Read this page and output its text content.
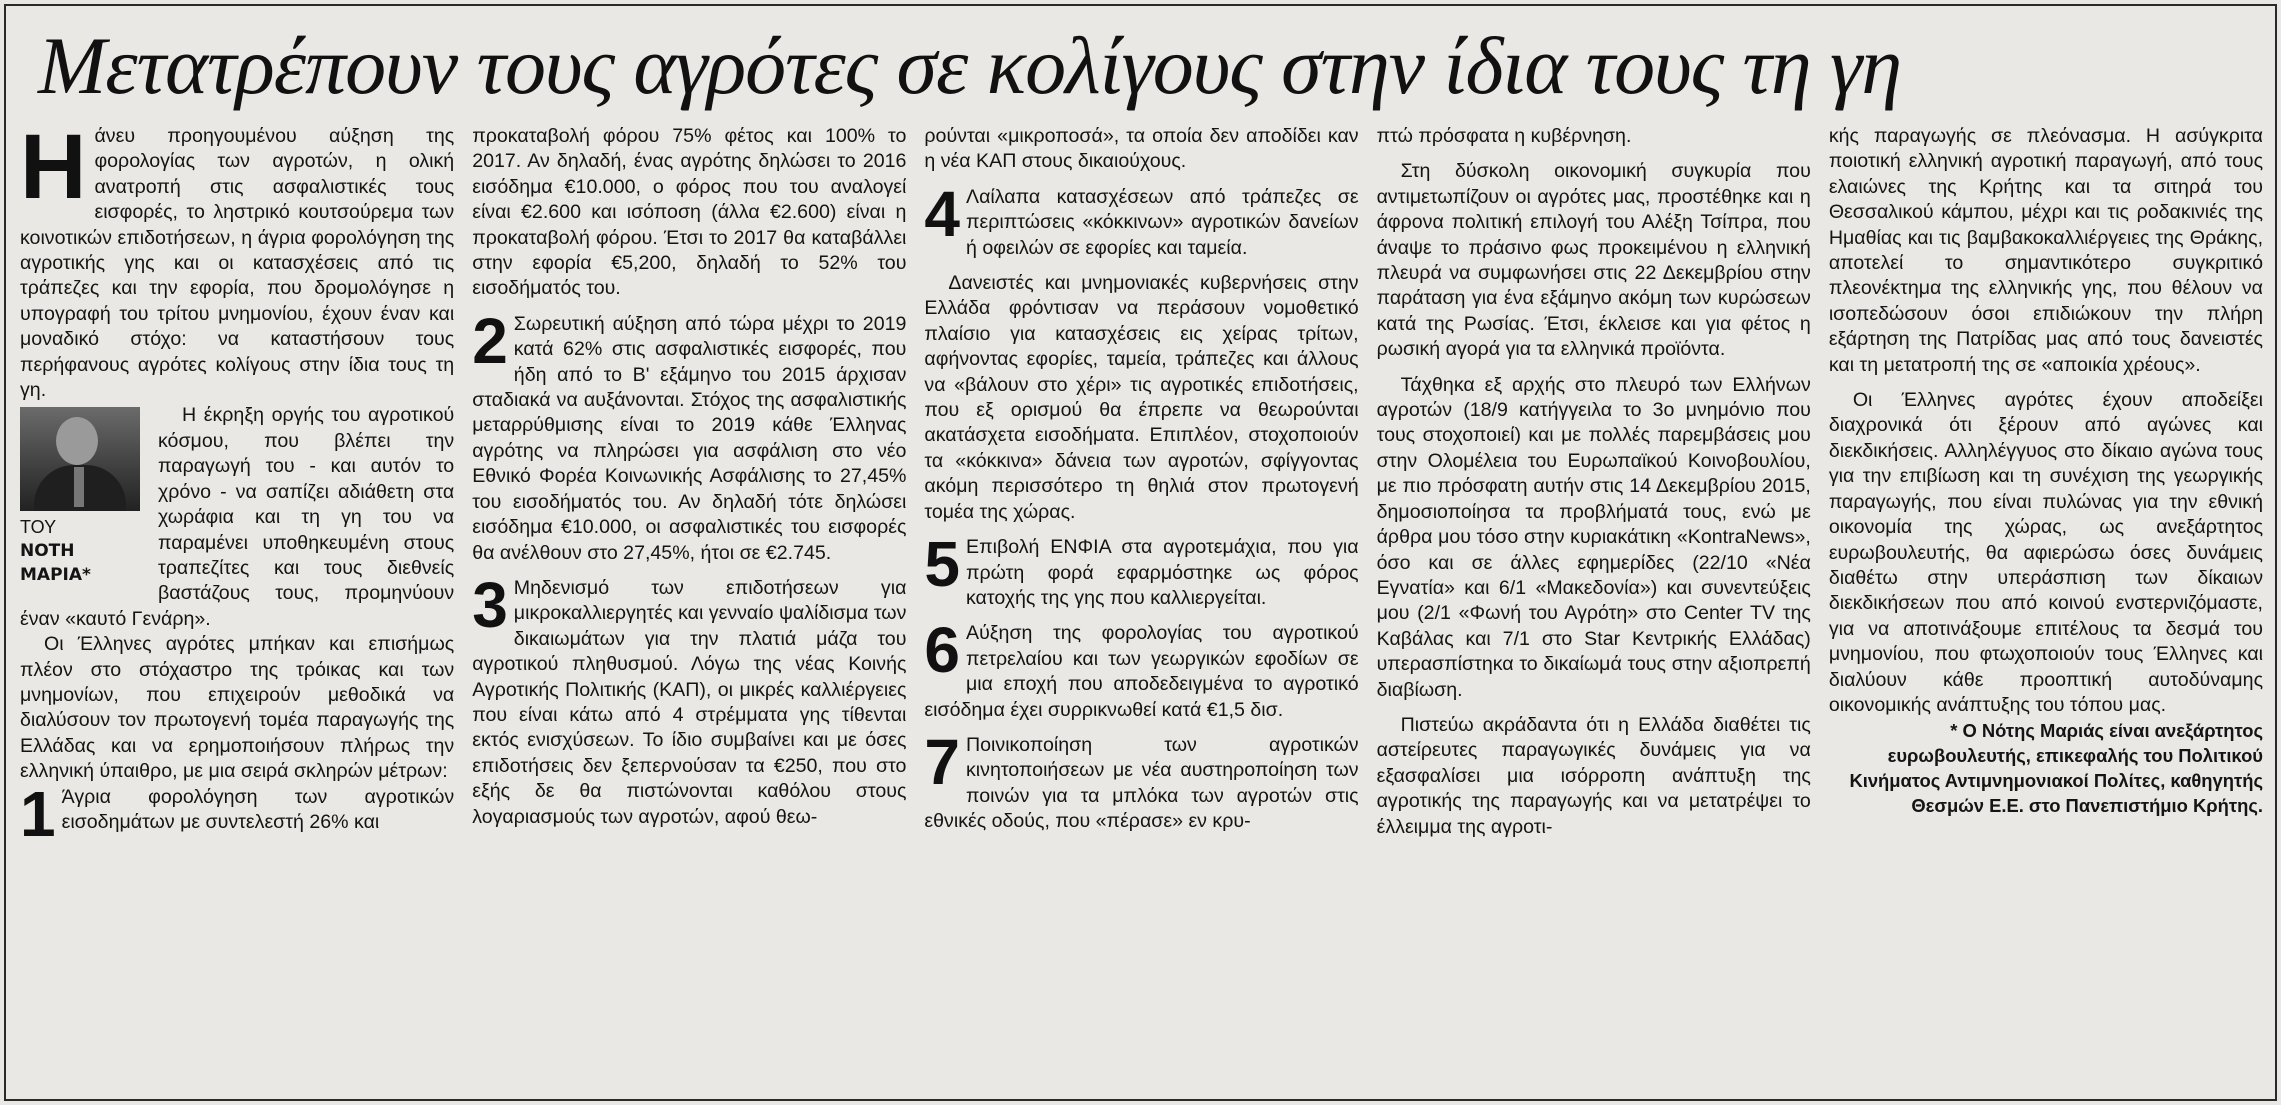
Μετατρέπουν τους αγρότες σε κολίγους στην ίδια τους τη γη

Η άνευ προηγουμένου αύξηση της φορολογίας των αγροτών, η ολική ανατροπή στις ασφαλιστικές τους εισφορές, το ληστρικό κουτσούρεμα των κοινοτικών επιδοτήσεων, η άγρια φορολόγηση της αγροτικής γης και οι κατασχέσεις από τις τράπεζες και την εφορία, που δρομολόγησε η υπογραφή του τρίτου μνημονίου, έχουν έναν και μοναδικό στόχο: να καταστήσουν τους περήφανους αγρότες κολίγους στην ίδια τους τη γη.

ΤΟΥ
ΝΟΤΗ
ΜΑΡΙΑ*

Η έκρηξη οργής του αγροτικού κόσμου, που βλέπει την παραγωγή του - και αυτόν το χρόνο - να σαπίζει αδιάθετη στα χωράφια και τη γη του να παραμένει υποθηκευμένη στους τραπεζίτες και τους διεθνείς βαστάζους τους, προμηνύουν έναν «καυτό Γενάρη».

Οι Έλληνες αγρότες μπήκαν και επισήμως πλέον στο στόχαστρο της τρόικας και των μνημονίων, που επιχειρούν μεθοδικά να διαλύσουν τον πρωτογενή τομέα παραγωγής της Ελλάδας και να ερημοποιήσουν πλήρως την ελληνική ύπαιθρο, με μια σειρά σκληρών μέτρων:

1 Άγρια φορολόγηση των αγροτικών εισοδημάτων με συντελεστή 26% και

προκαταβολή φόρου 75% φέτος και 100% το 2017. Αν δηλαδή, ένας αγρότης δηλώσει το 2016 εισόδημα €10.000, ο φόρος που του αναλογεί είναι €2.600 και ισόποση (άλλα €2.600) είναι η προκαταβολή φόρου. Έτσι το 2017 θα καταβάλλει στην εφορία €5,200, δηλαδή το 52% του εισοδήματός του.

2 Σωρευτική αύξηση από τώρα μέχρι το 2019 κατά 62% στις ασφαλιστικές εισφορές, που ήδη από το Β' εξάμηνο του 2015 άρχισαν σταδιακά να αυξάνονται. Στόχος της ασφαλιστικής μεταρρύθμισης είναι το 2019 κάθε Έλληνας αγρότης να πληρώσει για ασφάλιση στο νέο Εθνικό Φορέα Κοινωνικής Ασφάλισης το 27,45% του εισοδήματός του. Αν δηλαδή τότε δηλώσει εισόδημα €10.000, οι ασφαλιστικές του εισφορές θα ανέλθουν στο 27,45%, ήτοι σε €2.745.

3 Μηδενισμό των επιδοτήσεων για μικροκαλλιεργητές και γενναίο ψαλίδισμα των δικαιωμάτων για την πλατιά μάζα του αγροτικού πληθυσμού. Λόγω της νέας Κοινής Αγροτικής Πολιτικής (ΚΑΠ), οι μικρές καλλιέργειες που είναι κάτω από 4 στρέμματα γης τίθενται εκτός ενισχύσεων. Το ίδιο συμβαίνει και με όσες επιδοτήσεις δεν ξεπερνούσαν τα €250, που στο εξής δε θα πιστώνονται καθόλου στους λογαριασμούς των αγροτών, αφού θεω-

ρούνται «μικροποσά», τα οποία δεν αποδίδει καν η νέα ΚΑΠ στους δικαιούχους.

4 Λαίλαπα κατασχέσεων από τράπεζες σε περιπτώσεις «κόκκινων» αγροτικών δανείων ή οφειλών σε εφορίες και ταμεία.

Δανειστές και μνημονιακές κυβερνήσεις στην Ελλάδα φρόντισαν να περάσουν νομοθετικό πλαίσιο για κατασχέσεις εις χείρας τρίτων, αφήνοντας εφορίες, ταμεία, τράπεζες και άλλους να «βάλουν στο χέρι» τις αγροτικές επιδοτήσεις, που εξ ορισμού θα έπρεπε να θεωρούνται ακατάσχετα εισοδήματα. Επιπλέον, στοχοποιούν τα «κόκκινα» δάνεια των αγροτών, σφίγγοντας ακόμη περισσότερο τη θηλιά στον πρωτογενή τομέα της χώρας.

5 Επιβολή ΕΝΦΙΑ στα αγροτεμάχια, που για πρώτη φορά εφαρμόστηκε ως φόρος κατοχής της γης που καλλιεργείται.

6 Αύξηση της φορολογίας του αγροτικού πετρελαίου και των γεωργικών εφοδίων σε μια εποχή που αποδεδειγμένα το αγροτικό εισόδημα έχει συρρικνωθεί κατά €1,5 δισ.

7 Ποινικοποίηση των αγροτικών κινητοποιήσεων με νέα αυστηροποίηση των ποινών για τα μπλόκα των αγροτών στις εθνικές οδούς, που «πέρασε» εν κρυ-

πτώ πρόσφατα η κυβέρνηση.

Στη δύσκολη οικονομική συγκυρία που αντιμετωπίζουν οι αγρότες μας, προστέθηκε και η άφρονα πολιτική επιλογή του Αλέξη Τσίπρα, που άναψε το πράσινο φως προκειμένου η ελληνική πλευρά να συμφωνήσει στις 22 Δεκεμβρίου στην παράταση για ένα εξάμηνο ακόμη των κυρώσεων κατά της Ρωσίας. Έτσι, έκλεισε και για φέτος η ρωσική αγορά για τα ελληνικά προϊόντα.

Τάχθηκα εξ αρχής στο πλευρό των Ελλήνων αγροτών (18/9 κατήγγειλα το 3ο μνημόνιο που τους στοχοποιεί) και με πολλές παρεμβάσεις μου στην Ολομέλεια του Ευρωπαϊκού Κοινοβουλίου, με πιο πρόσφατη αυτήν στις 14 Δεκεμβρίου 2015, δημοσιοποίησα τα προβλήματά τους, ενώ με άρθρα μου τόσο στην κυριακάτικη «KontraNews», όσο και σε άλλες εφημερίδες (22/10 «Νέα Εγνατία» και 6/1 «Μακεδονία») και συνεντεύξεις μου (2/1 «Φωνή του Αγρότη» στο Center TV της Καβάλας και 7/1 στο Star Κεντρικής Ελλάδας) υπερασπίστηκα το δικαίωμά τους στην αξιοπρεπή διαβίωση.

Πιστεύω ακράδαντα ότι η Ελλάδα διαθέτει τις αστείρευτες παραγωγικές δυνάμεις για να εξασφαλίσει μια ισόρροπη ανάπτυξη της αγροτικής της παραγωγής και να μετατρέψει το έλλειμμα της αγροτι-

κής παραγωγής σε πλεόνασμα. Η ασύγκριτα ποιοτική ελληνική αγροτική παραγωγή, από τους ελαιώνες της Κρήτης και τα σιτηρά του Θεσσαλικού κάμπου, μέχρι και τις ροδακινιές της Ημαθίας και τις βαμβακοκαλλιέργειες της Θράκης, αποτελεί το σημαντικότερο συγκριτικό πλεονέκτημα της ελληνικής γης, που θέλουν να ισοπεδώσουν όσοι επιδιώκουν την πλήρη εξάρτηση της Πατρίδας μας από τους δανειστές και τη μετατροπή της σε «αποικία χρέους».

Οι Έλληνες αγρότες έχουν αποδείξει διαχρονικά ότι ξέρουν από αγώνες και διεκδικήσεις. Αλληλέγγυος στο δίκαιο αγώνα τους για την επιβίωση και τη συνέχιση της γεωργικής παραγωγής, που είναι πυλώνας για την εθνική οικονομία της χώρας, ως ανεξάρτητος ευρωβουλευτής, θα αφιερώσω όσες δυνάμεις διαθέτω στην υπεράσπιση των δίκαιων διεκδικήσεων που από κοινού ενστερνιζόμαστε, για να αποτινάξουμε επιτέλους τα δεσμά του μνημονίου, που φτωχοποιούν τους Έλληνες και διαλύουν κάθε προοπτική αυτοδύναμης οικονομικής ανάπτυξης του τόπου μας.

* Ο Νότης Μαριάς είναι ανεξάρτητος ευρωβουλευτής, επικεφαλής του Πολιτικού Κινήματος Αντιμνημονιακοί Πολίτες, καθηγητής Θεσμών Ε.Ε. στο Πανεπιστήμιο Κρήτης.
